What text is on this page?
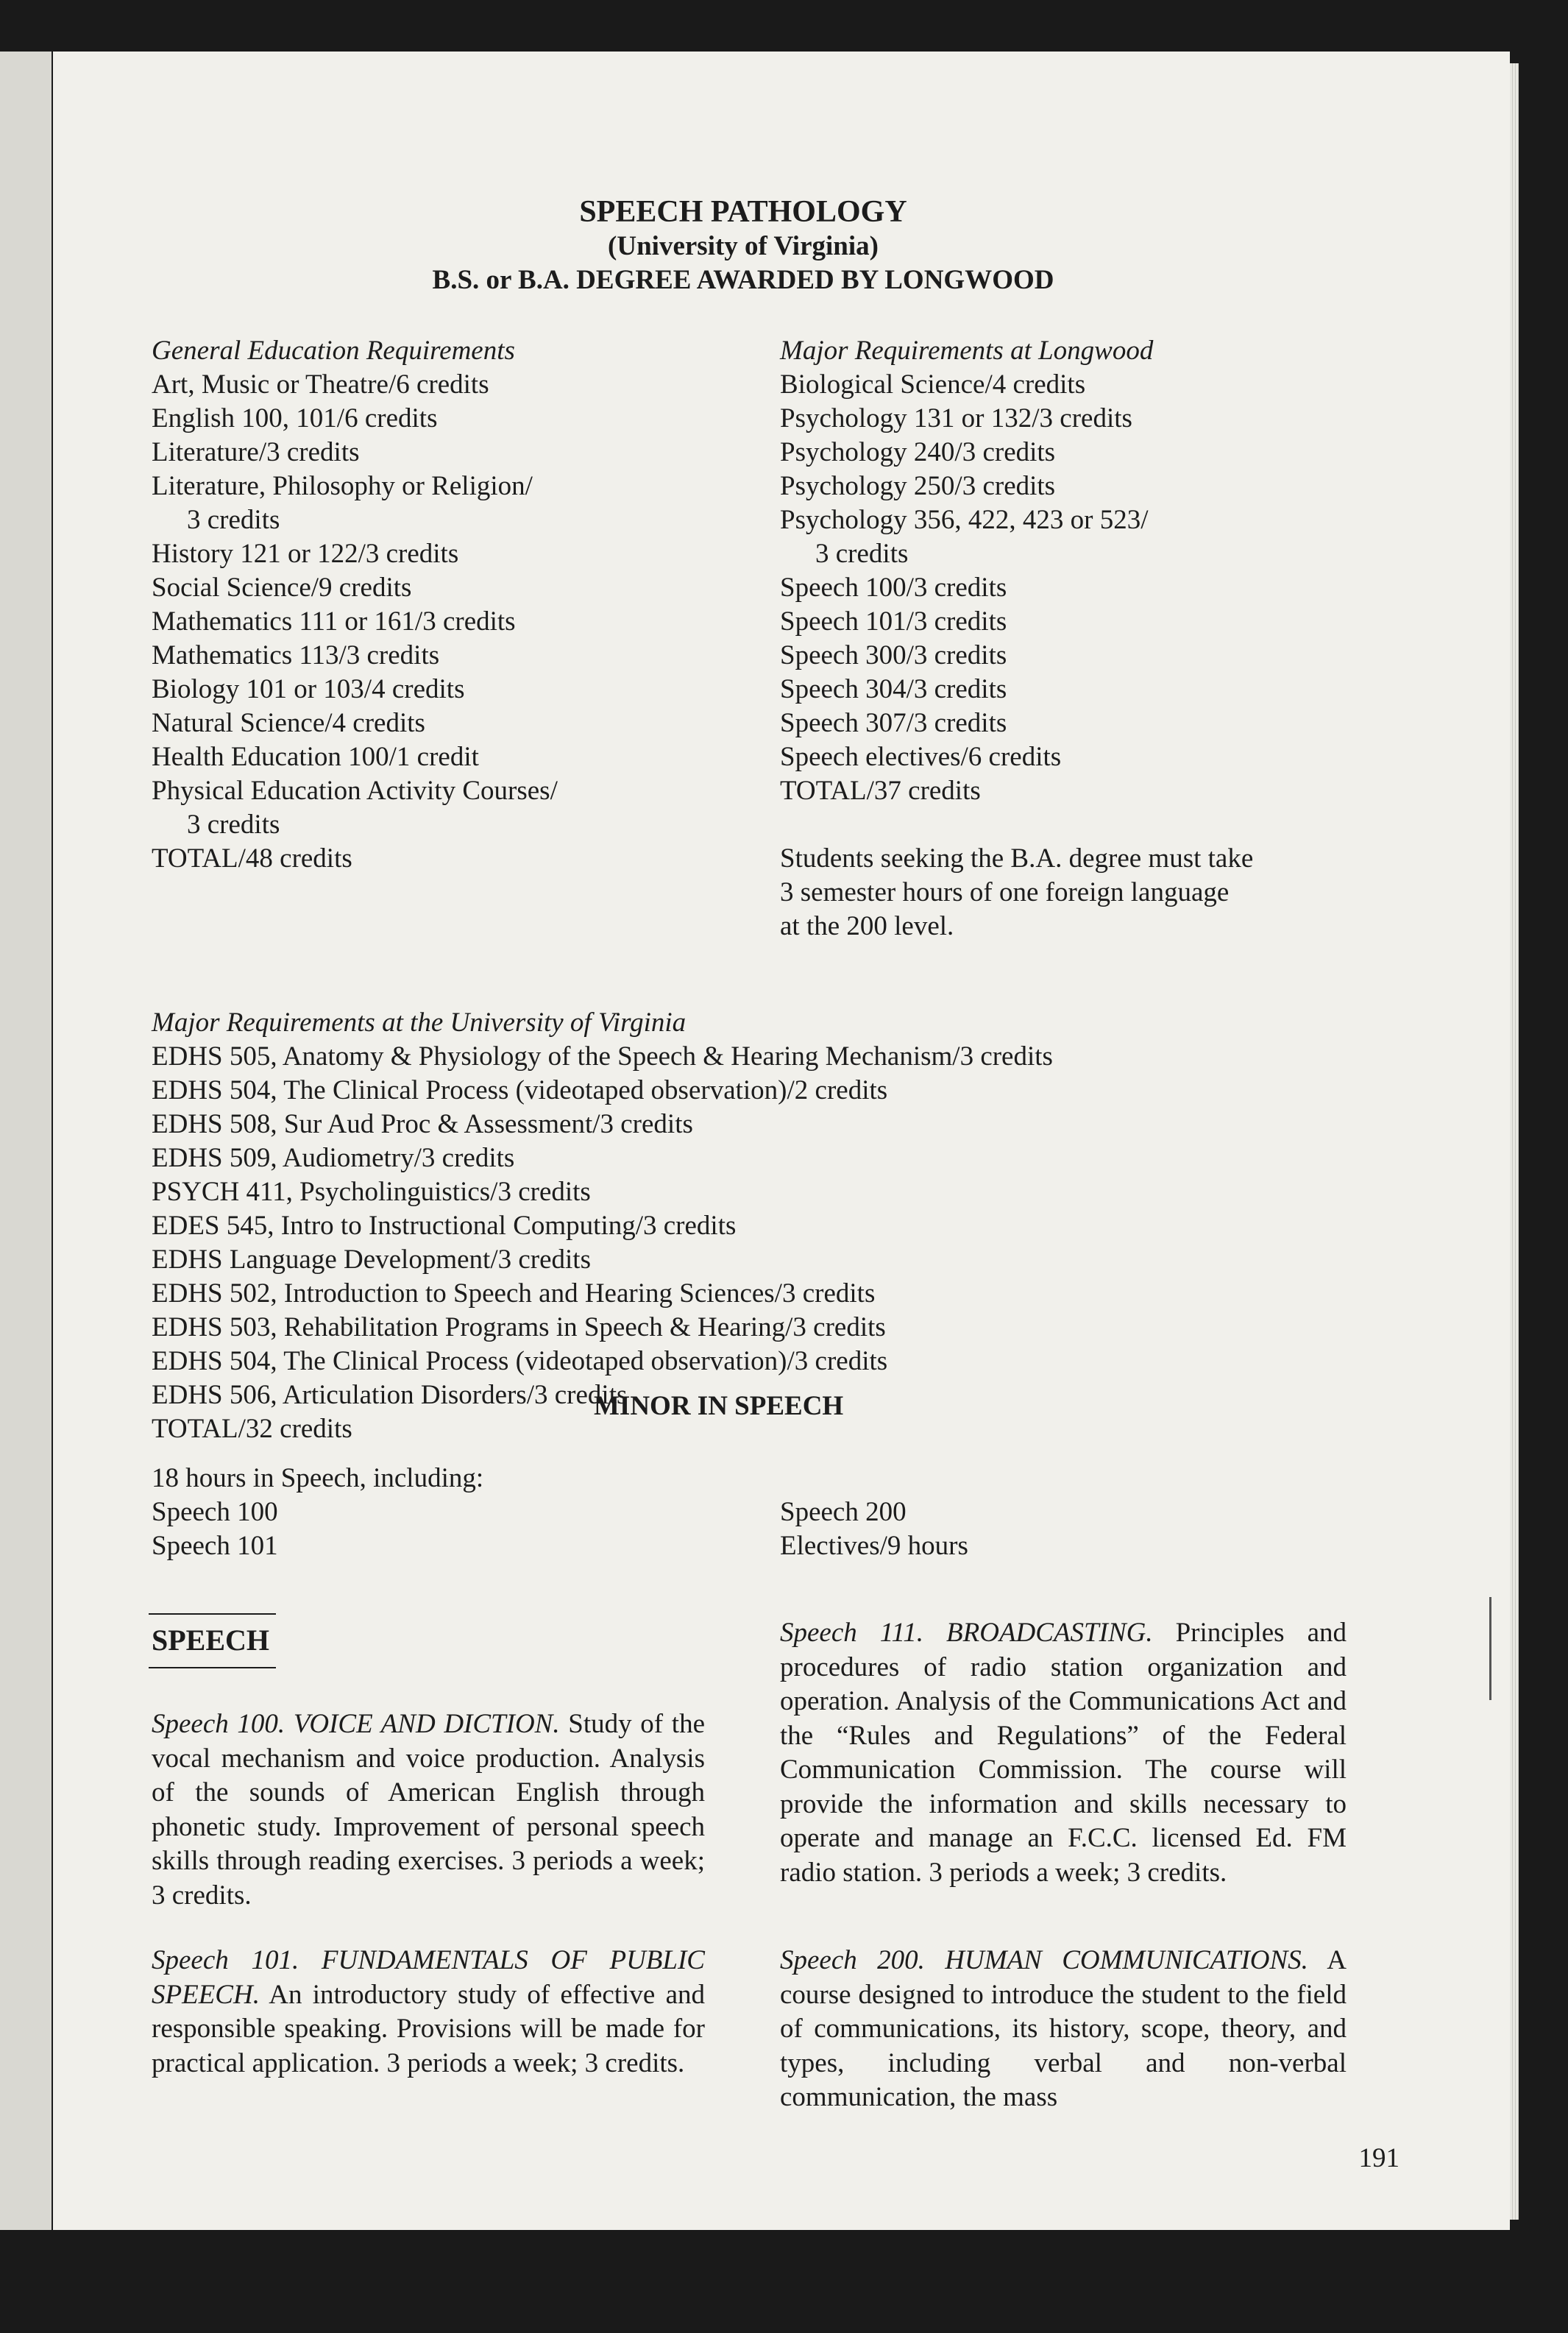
SPEECH PATHOLOGY
(University of Virginia)
B.S. or B.A. DEGREE AWARDED BY LONGWOOD
General Education Requirements
Art, Music or Theatre/6 credits
English 100, 101/6 credits
Literature/3 credits
Literature, Philosophy or Religion/
3 credits
History 121 or 122/3 credits
Social Science/9 credits
Mathematics 111 or 161/3 credits
Mathematics 113/3 credits
Biology 101 or 103/4 credits
Natural Science/4 credits
Health Education 100/1 credit
Physical Education Activity Courses/
3 credits
TOTAL/48 credits
Major Requirements at Longwood
Biological Science/4 credits
Psychology 131 or 132/3 credits
Psychology 240/3 credits
Psychology 250/3 credits
Psychology 356, 422, 423 or 523/
3 credits
Speech 100/3 credits
Speech 101/3 credits
Speech 300/3 credits
Speech 304/3 credits
Speech 307/3 credits
Speech electives/6 credits
TOTAL/37 credits
Students seeking the B.A. degree must take
3 semester hours of one foreign language
at the 200 level.
Major Requirements at the University of Virginia
EDHS 505, Anatomy & Physiology of the Speech & Hearing Mechanism/3 credits
EDHS 504, The Clinical Process (videotaped observation)/2 credits
EDHS 508, Sur Aud Proc & Assessment/3 credits
EDHS 509, Audiometry/3 credits
PSYCH 411, Psycholinguistics/3 credits
EDES 545, Intro to Instructional Computing/3 credits
EDHS Language Development/3 credits
EDHS 502, Introduction to Speech and Hearing Sciences/3 credits
EDHS 503, Rehabilitation Programs in Speech & Hearing/3 credits
EDHS 504, The Clinical Process (videotaped observation)/3 credits
EDHS 506, Articulation Disorders/3 credits
TOTAL/32 credits
MINOR IN SPEECH
18 hours in Speech, including:
Speech 100
Speech 101
Speech 200
Electives/9 hours
SPEECH
Speech 100. VOICE AND DICTION. Study of the vocal mechanism and voice production. Analysis of the sounds of American English through phonetic study. Improvement of personal speech skills through reading exercises. 3 periods a week; 3 credits.
Speech 101. FUNDAMENTALS OF PUBLIC SPEECH. An introductory study of effective and responsible speaking. Provisions will be made for practical application. 3 periods a week; 3 credits.
Speech 111. BROADCASTING. Principles and procedures of radio station organization and operation. Analysis of the Communications Act and the “Rules and Regulations” of the Federal Communication Commission. The course will provide the information and skills necessary to operate and manage an F.C.C. licensed Ed. FM radio station. 3 periods a week; 3 credits.
Speech 200. HUMAN COMMUNICATIONS. A course designed to introduce the student to the field of communications, its history, scope, theory, and types, including verbal and non-verbal communication, the mass
191
